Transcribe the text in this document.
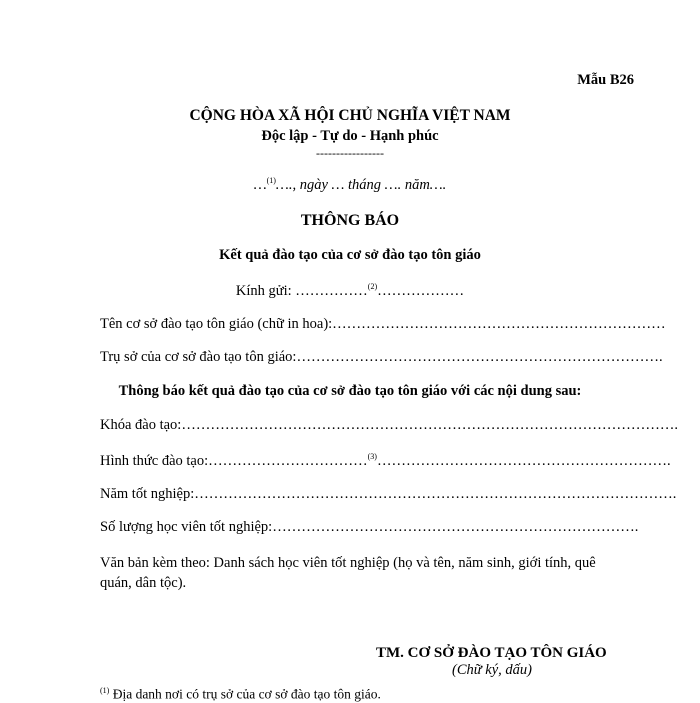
Mẫu B26
CỘNG HÒA XÃ HỘI CHỦ NGHĨA VIỆT NAM
Độc lập - Tự do - Hạnh phúc
-----------------
…$^{(1)}$…., ngày … tháng …. năm….
THÔNG BÁO
Kết quả đào tạo của cơ sở đào tạo tôn giáo
Kính gửi: ……………$^{(2)}$………………
Tên cơ sở đào tạo tôn giáo (chữ in hoa):……………………………………………………………
Trụ sở của cơ sở đào tạo tôn giáo:………………………………………………………………….
Thông báo kết quả đào tạo của cơ sở đào tạo tôn giáo với các nội dung sau:
Khóa đào tạo:………………………………………………………………………………………….
Hình thức đào tạo:……………………………$^{(3)}$…………………………………………………….
Năm tốt nghiệp:……………………………………………………………………………………….
Số lượng học viên tốt nghiệp:………………………………………………………………….
Văn bản kèm theo: Danh sách học viên tốt nghiệp (họ và tên, năm sinh, giới tính, quê quán, dân tộc).
TM. CƠ SỞ ĐÀO TẠO TÔN GIÁO
(Chữ ký, dấu)
$^{(1)}$ Địa danh nơi có trụ sở của cơ sở đào tạo tôn giáo.
